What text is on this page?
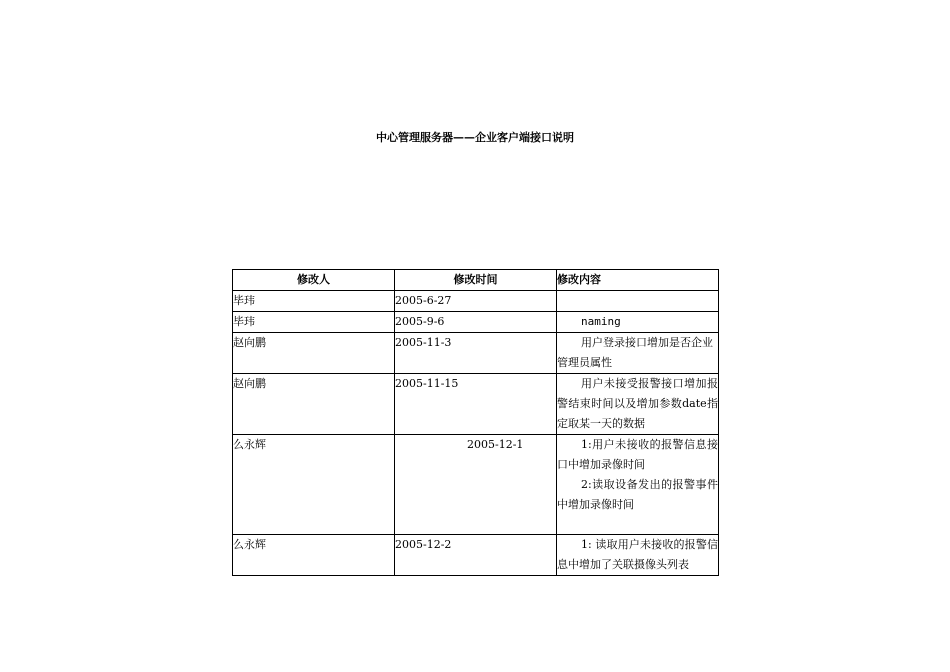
中心管理服务器——企业客户端接口说明
修改人	修改时间	修改内容
毕玮	2005-6-27	
毕玮	2005-9-6	naming

赵向鹏	2005-11-3	用户登录接口增加是否企业管理员属性

赵向鹏	2005-11-15	用户未接受报警接口增加报警结束时间以及增加参数date指定取某一天的数据

么永辉	2005-12-1	1:用户未接收的报警信息接口中增加录像时间
2:读取设备发出的报警事件中增加录像时间

么永辉	2005-12-2	1: 读取用户未接收的报警信息中增加了关联摄像头列表
